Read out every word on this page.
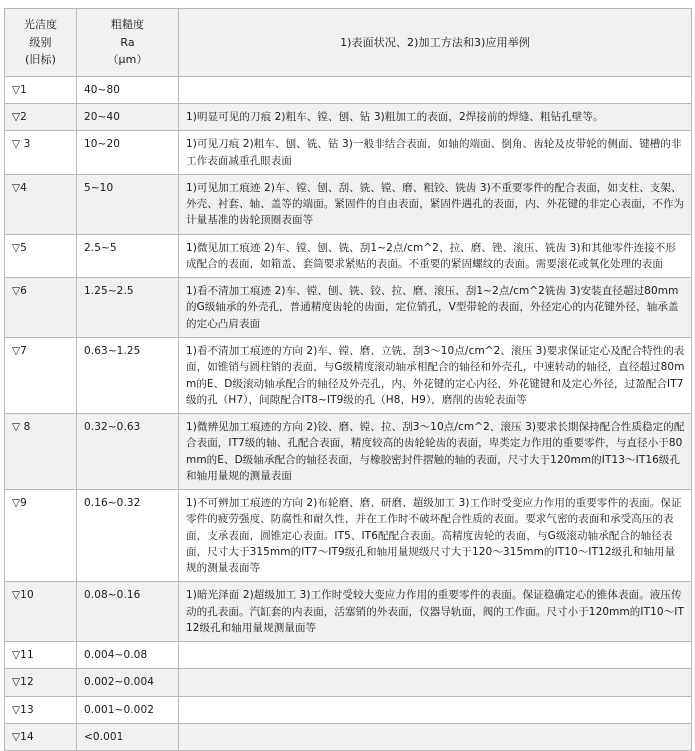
光洁度
级别
(旧标)	粗糙度
Ra
（μm）	1)表面状况、2)加工方法和3)应用举例
▽1	40~80	
▽2	20~40	1)明显可见的刀痕 2)粗车、镗、刨、钻 3)粗加工的表面，2焊接前的焊缝、粗钻孔壁等。
▽ 3	10~20	1)可见刀痕 2)粗车、刨、铣、钻 3)一般非结合表面，如轴的端面、倒角、齿轮及皮带轮的侧面、键槽的非工作表面减重孔眼表面
▽4	5~10	1)可见加工痕迹 2)车、镗、刨、刮、铣、镗、磨、粗铰、铣齿 3)不重要零件的配合表面，如支柱、支架、外壳、衬套、轴、盖等的端面。紧固件的自由表面，紧固件遇孔的表面，内、外花键的非定心表面，不作为计量基准的齿轮顶圈表面等
▽5	2.5~5	1)微见加工痕迹 2)车、镗、刨、铣、刮1~2点/cm^2、拉、磨、锉、滚压、铣齿 3)和其他零件连接不形成配合的表面，如箱盖、套筒要求紧贴的表面。不重要的紧固螺纹的表面。需要滚花或氧化处理的表面
▽6	1.25~2.5	1)看不清加工痕迹 2)车、镗、刨、铣、铰、拉、磨、滚压、刮1~2点/cm^2铣齿 3)安装直径超过80mm的G级轴承的外壳孔，普通精度齿轮的齿面，定位销孔，V型带轮的表面，外径定心的内花键外径，轴承盖的定心凸肩表面
▽7	0.63~1.25	1)看不清加工痕迹的方向 2)车、镗、磨、立铣、刮3～10点/cm^2、滚压 3)要求保证定心及配合特性的表面，如锥销与圆柱销的表面，与G级精度滚动轴承相配合的轴径和外壳孔，中速转动的轴径，直径超过80mm的E、D级滚动轴承配合的轴径及外壳孔，内、外花键的定心内径，外花键键和及定心外径，过盈配合IT7级的孔（H7），间隙配合IT8~IT9级的孔（H8，H9），磨削的齿轮表面等
▽ 8	0.32~0.63	1)微辨见加工痕迹的方向 2)铰、磨、镗、拉、刮3～10点/cm^2、滚压 3)要求长期保持配合性质稳定的配合表面，IT7级的轴、孔配合表面，精度较高的齿轮轮齿的表面，卑类定力作用的重要零件，与直径小于80mm的E、D级轴承配合的轴径表面，与橡胶密封件摺触的轴的表面，尺寸大于120mm的IT13～IT16级孔和轴用量规的测量表面
▽9	0.16~0.32	1)不可辨加工痕迹的方向 2)布轮磨、磨、研磨、超级加工 3)工作时受变应力作用的重要零件的表面。保证零件的疲劳强度、防腐性和耐久性，并在工作时不破坏配合性质的表面。要求气密的表面和承受高压的表面，支承表面，圆锥定心表面。IT5、IT6配配合表面。高精度齿轮的表面，与G级滚动轴承配合的轴径表面，尺寸大于315mm的IT7～IT9级孔和轴用量规级尺寸大于120～315mm的IT10～IT12级孔和轴用量规的测量表面等
▽10	0.08~0.16	1)暗光泽面 2)超级加工 3)工作时受较大变应力作用的重要零件的表面。保证稳确定心的锥体表面。液压传动的孔表面。汽缸套的内表面，活塞销的外表面，仪器导轨面，阀的工作面。尺寸小于120mm的IT10～IT12级孔和轴用量规测量面等
▽11	0.004~0.08	
▽12	0.002~0.004	
▽13	0.001~0.002	
▽14	<0.001	
